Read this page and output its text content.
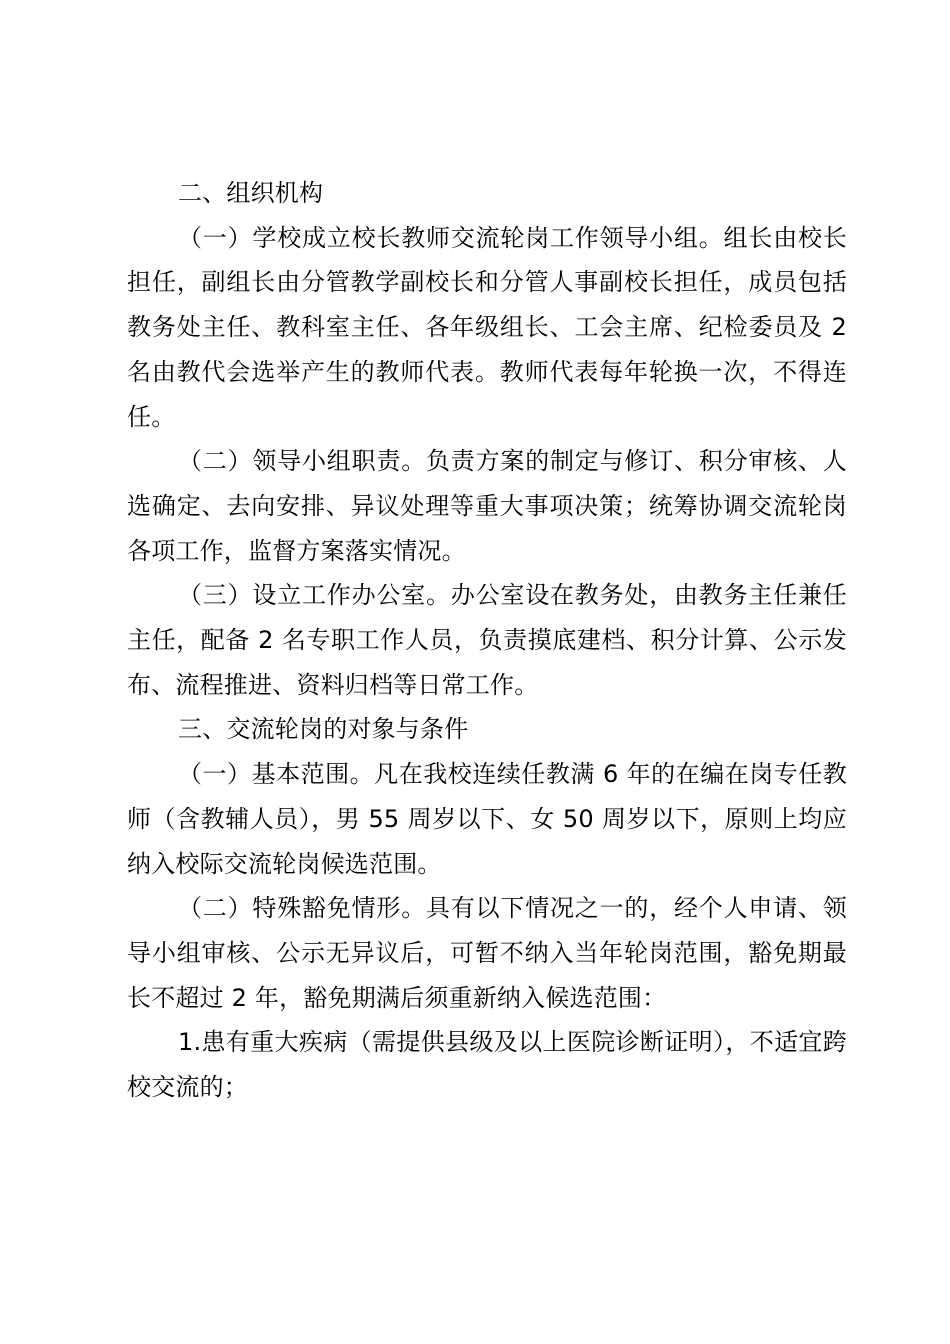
二、组织机构

（一）学校成立校长教师交流轮岗工作领导小组。组长由校长担任，副组长由分管教学副校长和分管人事副校长担任，成员包括教务处主任、教科室主任、各年级组长、工会主席、纪检委员及 2 名由教代会选举产生的教师代表。教师代表每年轮换一次，不得连任。

（二）领导小组职责。负责方案的制定与修订、积分审核、人选确定、去向安排、异议处理等重大事项决策；统筹协调交流轮岗各项工作，监督方案落实情况。

（三）设立工作办公室。办公室设在教务处，由教务主任兼任主任，配备 2 名专职工作人员，负责摸底建档、积分计算、公示发布、流程推进、资料归档等日常工作。

三、交流轮岗的对象与条件

（一）基本范围。凡在我校连续任教满 6 年的在编在岗专任教师（含教辅人员），男 55 周岁以下、女 50 周岁以下，原则上均应纳入校际交流轮岗候选范围。

（二）特殊豁免情形。具有以下情况之一的，经个人申请、领导小组审核、公示无异议后，可暂不纳入当年轮岗范围，豁免期最长不超过 2 年，豁免期满后须重新纳入候选范围：

1.患有重大疾病（需提供县级及以上医院诊断证明），不适宜跨校交流的；
